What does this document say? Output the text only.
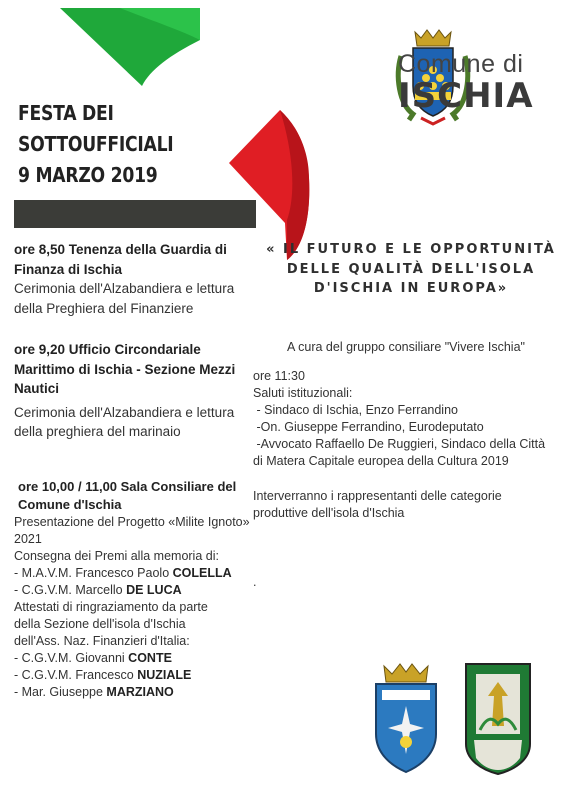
Comune di
ISCHIA
FESTA DEI
SOTTOUFFICIALI
9 MARZO 2019
ore 8,50 Tenenza della Guardia di Finanza di Ischia
Cerimonia dell'Alzabandiera e lettura della Preghiera del Finanziere
ore 9,20 Ufficio Circondariale Marittimo di Ischia - Sezione Mezzi Nautici
Cerimonia dell'Alzabandiera e lettura della preghiera del marinaio
ore 10,00 / 11,00 Sala Consiliare del Comune d'Ischia
Presentazione del Progetto «Milite Ignoto» 2021
Consegna dei Premi alla memoria di:
- M.A.V.M. Francesco Paolo COLELLA
- C.G.V.M. Marcello DE LUCA
Attestati di ringraziamento da parte della Sezione dell'isola d'Ischia dell'Ass. Naz. Finanzieri d'Italia:
- C.G.V.M. Giovanni CONTE
- C.G.V.M. Francesco NUZIALE
- Mar. Giuseppe MARZIANO
« IL FUTURO E LE OPPORTUNITÀ DELLE QUALITÀ DELL'ISOLA D'ISCHIA IN EUROPA»
A cura del gruppo consiliare "Vivere Ischia"
ore 11:30
Saluti istituzionali:
- Sindaco di Ischia, Enzo Ferrandino
-On. Giuseppe Ferrandino, Eurodeputato
-Avvocato Raffaello De Ruggieri, Sindaco della Città di Matera Capitale europea della Cultura 2019
Interverranno i rappresentanti delle categorie produttive dell'isola d'Ischia
.
